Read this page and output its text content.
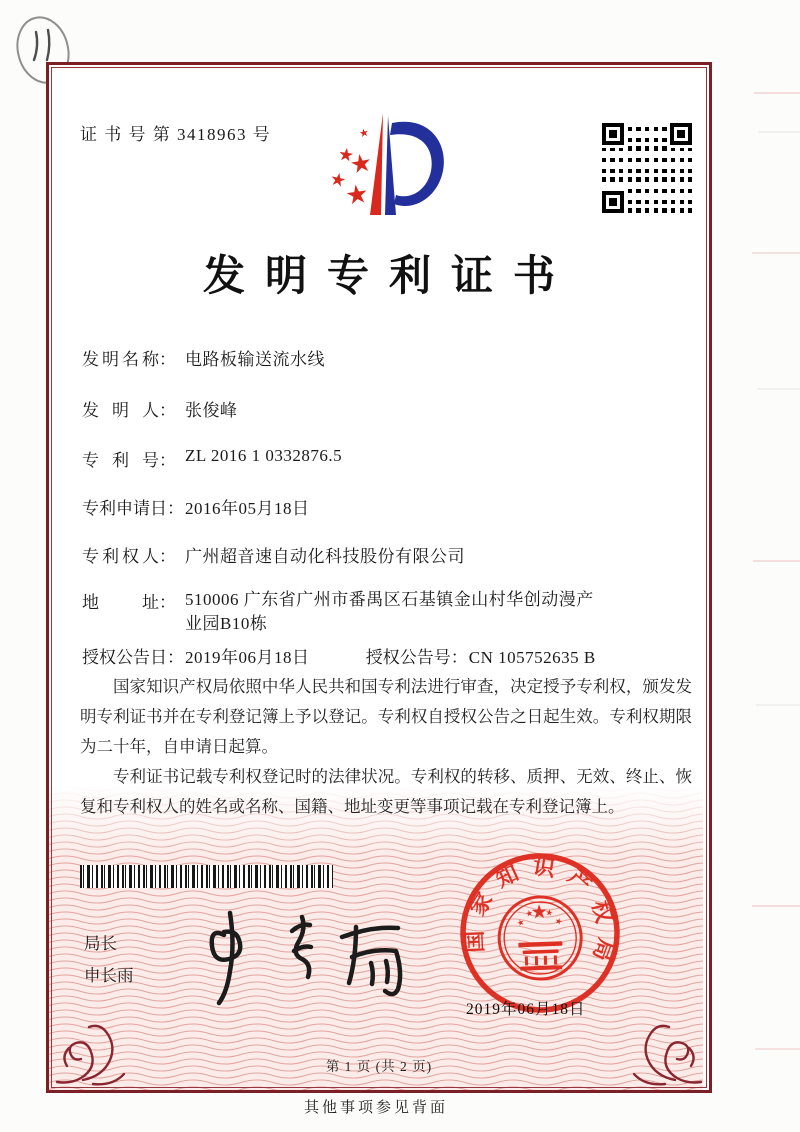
证 书 号 第 3418963 号
发明专利证书
发 明 名 称： 电路板输送流水线
发 明 人： 张俊峰
专 利 号： ZL 2016 1 0332876.5
专 利 申 请 日： 2016年05月18日
专 利 权 人： 广州超音速自动化科技股份有限公司
地	址： 510006 广东省广州市番禺区石基镇金山村华创动漫产业园B10栋
授 权 公 告 日： 2019年06月18日	授 权 公 告 号： CN 105752635 B

国家知识产权局依照中华人民共和国专利法进行审查，决定授予专利权，颁发发明专利证书并在专利登记簿上予以登记。专利权自授权公告之日起生效。专利权期限为二十年，自申请日起算。

专利证书记载专利权登记时的法律状况。专利权的转移、质押、无效、终止、恢复和专利权人的姓名或名称、国籍、地址变更等事项记载在专利登记簿上。

局长
申长雨
国家知识产权局
2019年06月18日
第 1 页 (共 2 页)
其他事项参见背面
